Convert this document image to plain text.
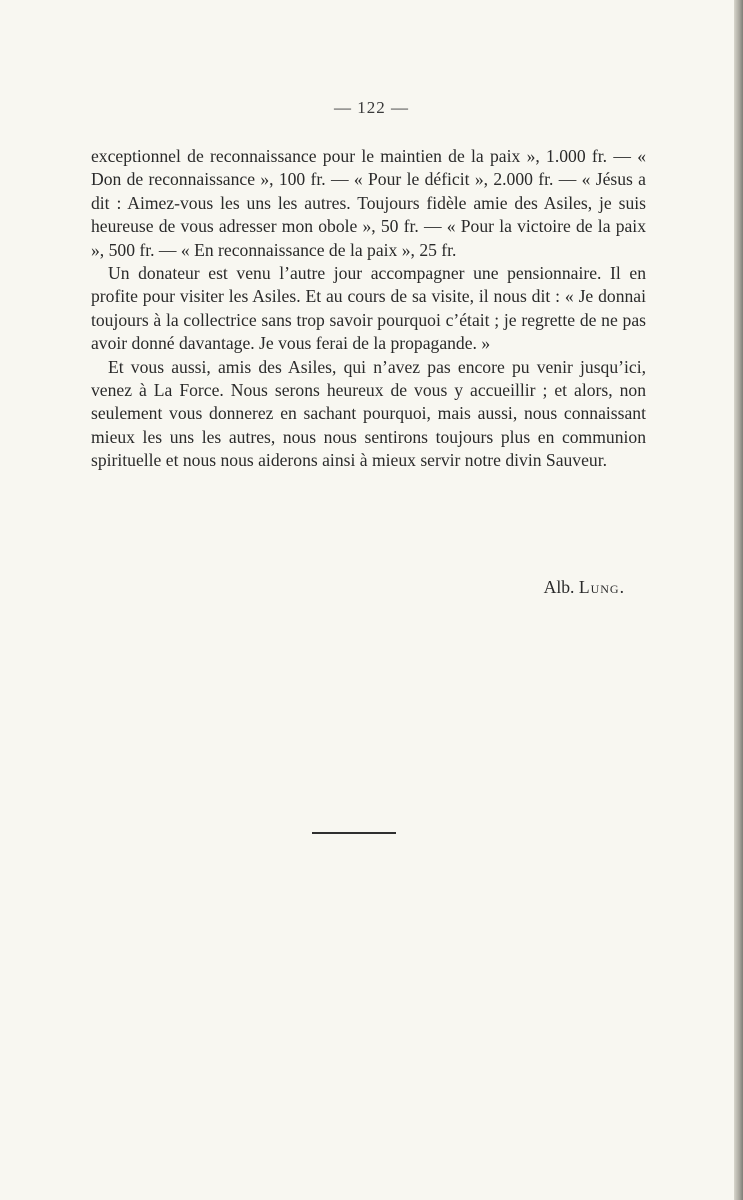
— 122 —

exceptionnel de reconnaissance pour le maintien de la paix », 1.000 fr. — « Don de reconnaissance », 100 fr. — « Pour le déficit », 2.000 fr. — « Jésus a dit : Aimez-vous les uns les autres. Toujours fidèle amie des Asiles, je suis heureuse de vous adresser mon obole », 50 fr. — « Pour la victoire de la paix », 500 fr. — « En reconnaissance de la paix », 25 fr.

Un donateur est venu l’autre jour accompagner une pensionnaire. Il en profite pour visiter les Asiles. Et au cours de sa visite, il nous dit : « Je donnai toujours à la collectrice sans trop savoir pourquoi c’était ; je regrette de ne pas avoir donné davantage. Je vous ferai de la propagande. »

Et vous aussi, amis des Asiles, qui n’avez pas encore pu venir jusqu’ici, venez à La Force. Nous serons heureux de vous y accueillir ; et alors, non seulement vous donnerez en sachant pourquoi, mais aussi, nous connaissant mieux les uns les autres, nous nous sentirons toujours plus en communion spirituelle et nous nous aiderons ainsi à mieux servir notre divin Sauveur.

Alb. Lung.
